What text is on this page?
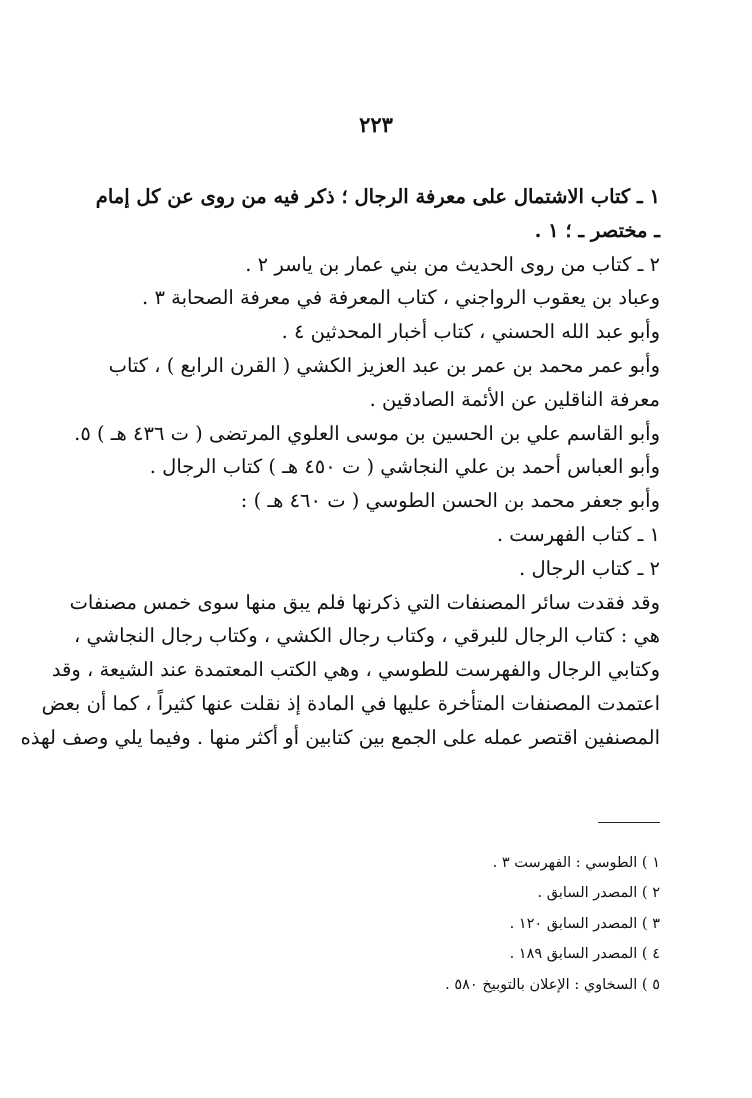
٢٢٣
١ ـ كتاب الاشتمال على معرفة الرجال ؛ ذكر فيه من روى عن كل إمام
ـ مختصر ـ ؛ ١ .
٢ ـ كتاب من روى الحديث من بني عمار بن ياسر ٢ .
وعباد بن يعقوب الرواجني ، كتاب المعرفة في معرفة الصحابة ٣ .
وأبو عبد الله الحسني ، كتاب أخبار المحدثين ٤ .
وأبو عمر محمد بن عمر بن عبد العزيز الكشي ( القرن الرابع ) ، كتاب
معرفة الناقلين عن الأئمة الصادقين .
وأبو القاسم علي بن الحسين بن موسى العلوي المرتضى ( ت ٤٣٦ هـ ) ٥.
وأبو العباس أحمد بن علي النجاشي ( ت ٤٥٠ هـ ) كتاب الرجال .
وأبو جعفر محمد بن الحسن الطوسي ( ت ٤٦٠ هـ ) :
١ ـ كتاب الفهرست .
٢ ـ كتاب الرجال .
وقد فقدت سائر المصنفات التي ذكرنها فلم يبق منها سوى خمس مصنفات
هي : كتاب الرجال للبرقي ، وكتاب رجال الكشي ، وكتاب رجال النجاشي ،
وكتابي الرجال والفهرست للطوسي ، وهي الكتب المعتمدة عند الشيعة ، وقد
اعتمدت المصنفات المتأخرة عليها في المادة إذ نقلت عنها كثيراً ، كما أن بعض
المصنفين اقتصر عمله على الجمع بين كتابين أو أكثر منها . وفيما يلي وصف لهذه
١ ) الطوسي : الفهرست ٣ .
٢ ) المصدر السابق .
٣ ) المصدر السابق ١٢٠ .
٤ ) المصدر السابق ١٨٩ .
٥ ) السخاوي : الإعلان بالتوبيخ ٥٨٠ .
